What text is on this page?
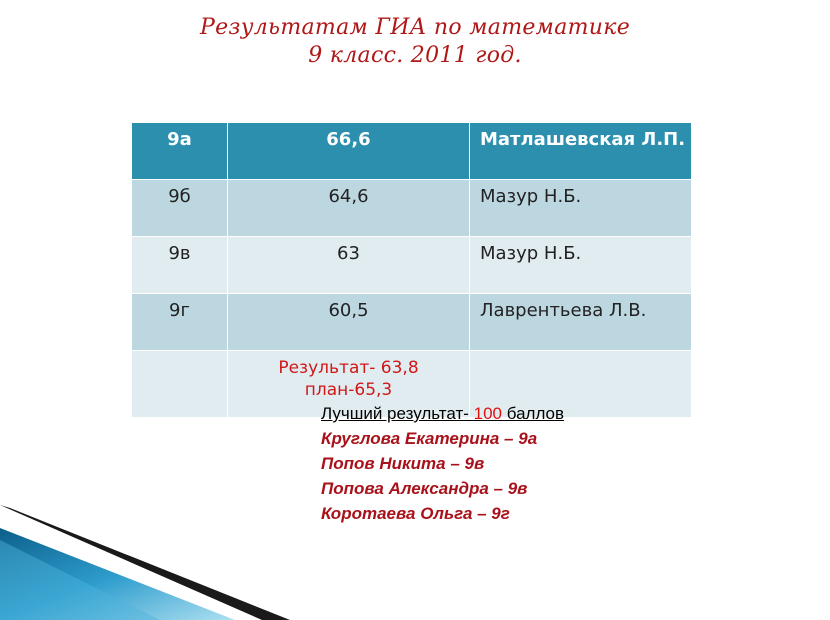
Результатам ГИА по математике
9 класс. 2011 год.
9а	66,6	Матлашевская Л.П.
9б	64,6	Мазур Н.Б.
9в	63	Мазур Н.Б.
9г	60,5	Лаврентьева Л.В.

	Результат- 63,8
план-65,3	

Лучший результат- 100 баллов
Круглова Екатерина – 9а
Попов Никита – 9в
Попова Александра – 9в
Коротаева Ольга – 9г
